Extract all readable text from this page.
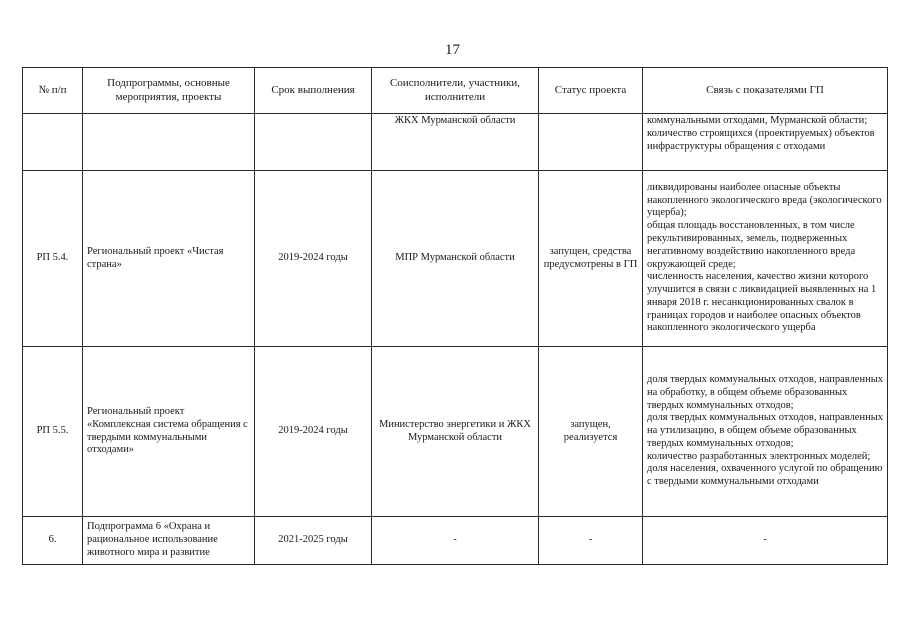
17
№ п/п	Подпрограммы, основные мероприятия, проекты	Срок выполнения	Соисполнители, участники, исполнители	Статус проекта	Связь с показателями ГП
			ЖКХ Мурманской области		коммунальными отходами, Мурманской области;
количество строящихся (проектируемых) объектов инфраструктуры обращения с отходами

РП 5.4.	Региональный проект «Чистая страна»	2019-2024 годы	МПР Мурманской области	запущен, средства предусмотрены в ГП	ликвидированы наиболее опасные объекты накопленного экологического вреда (экологического ущерба);
общая площадь восстановленных, в том числе рекультивированных, земель, подверженных негативному воздействию накопленного вреда окружающей среде;
численность населения, качество жизни которого улучшится в связи с ликвидацией выявленных на 1 января 2018 г. несанкционированных свалок в границах городов и наиболее опасных объектов накопленного экологического ущерба

РП 5.5.	Региональный проект «Комплексная система обращения с твердыми коммунальными отходами»	2019-2024 годы	Министерство энергетики и ЖКХ Мурманской области	запущен, реализуется	доля твердых коммунальных отходов, направленных на обработку, в общем объеме образованных твердых коммунальных отходов;
доля твердых коммунальных отходов, направленных на утилизацию, в общем объеме образованных твердых коммунальных отходов;
количество разработанных электронных моделей;
доля населения, охваченного услугой по обращению с твердыми коммунальными отходами

6.	Подпрограмма 6 «Охрана и рациональное использование животного мира и развитие	2021-2025 годы	-	-	-
